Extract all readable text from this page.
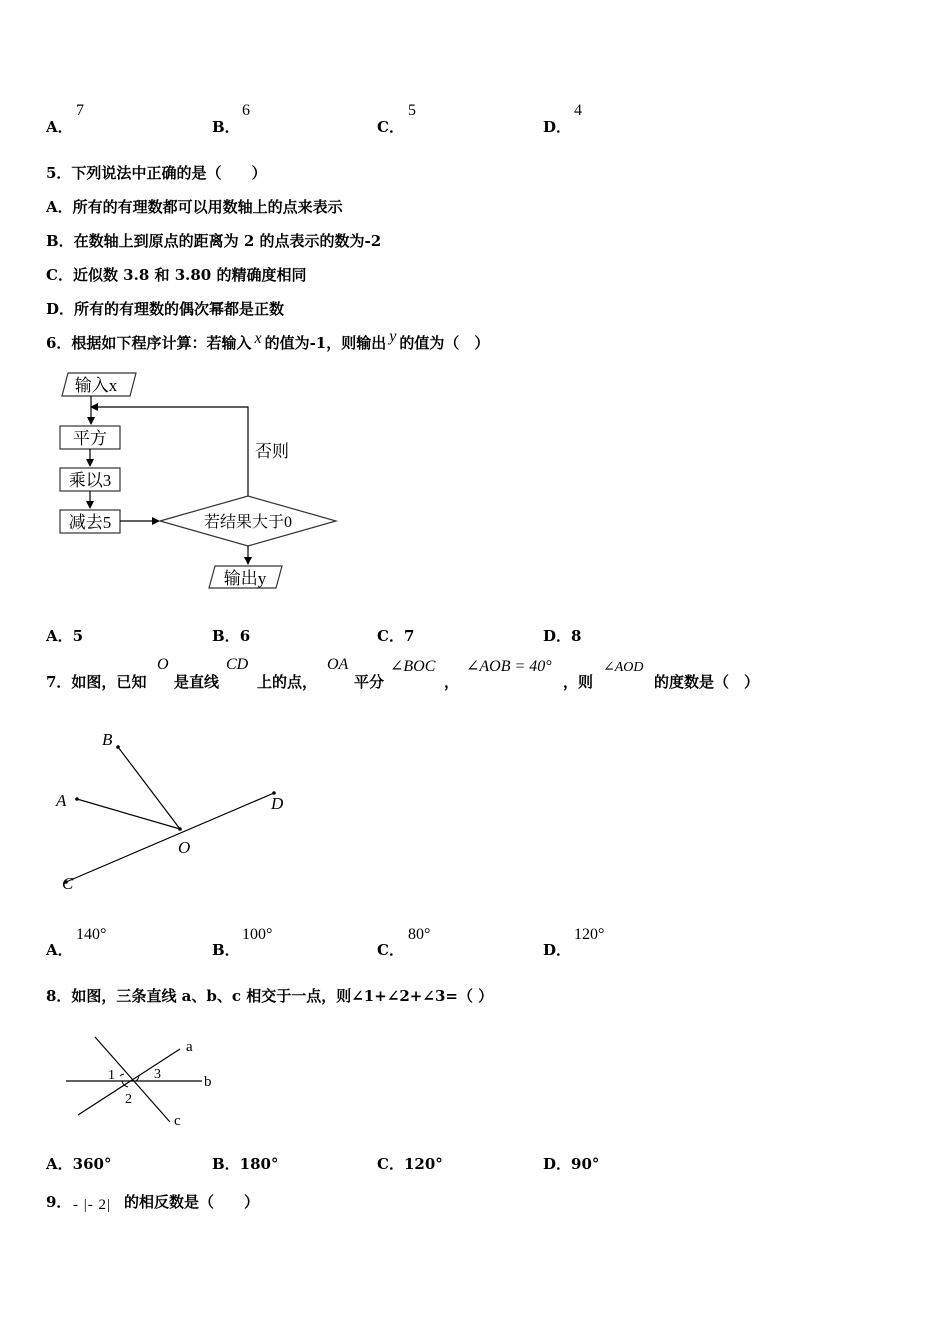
A．
7
B．
6
C．
5
D．
4
5．下列说法中正确的是（　　）
A．所有的有理数都可以用数轴上的点来表示
B．在数轴上到原点的距离为 2 的点表示的数为-2
C．近似数 3.8 和 3.80 的精确度相同
D．所有的有理数的偶次幂都是正数
6．根据如下程序计算：若输入 x 的值为-1，则输出 y 的值为（　）
输入x
否则
平方
乘以3
减去5	若结果大于0
输出y
A．5	B．6	C．7	D．8
7．如图，已知
O
是直线
CD
上的点，
OA
平分
∠BOC
，
∠AOB = 40°
，则
∠AOD
的度数是（　）
B
A	D
O
C
A．
140°
B．
100°
C．
80°
D．
120°
8．如图，三条直线 a、b、c 相交于一点，则∠1+∠2+∠3=（ ）
a
b
c
1
2
3
A．360°	B．180°	C．120°	D．90°
9． - |- 2| 的相反数是（　　）
